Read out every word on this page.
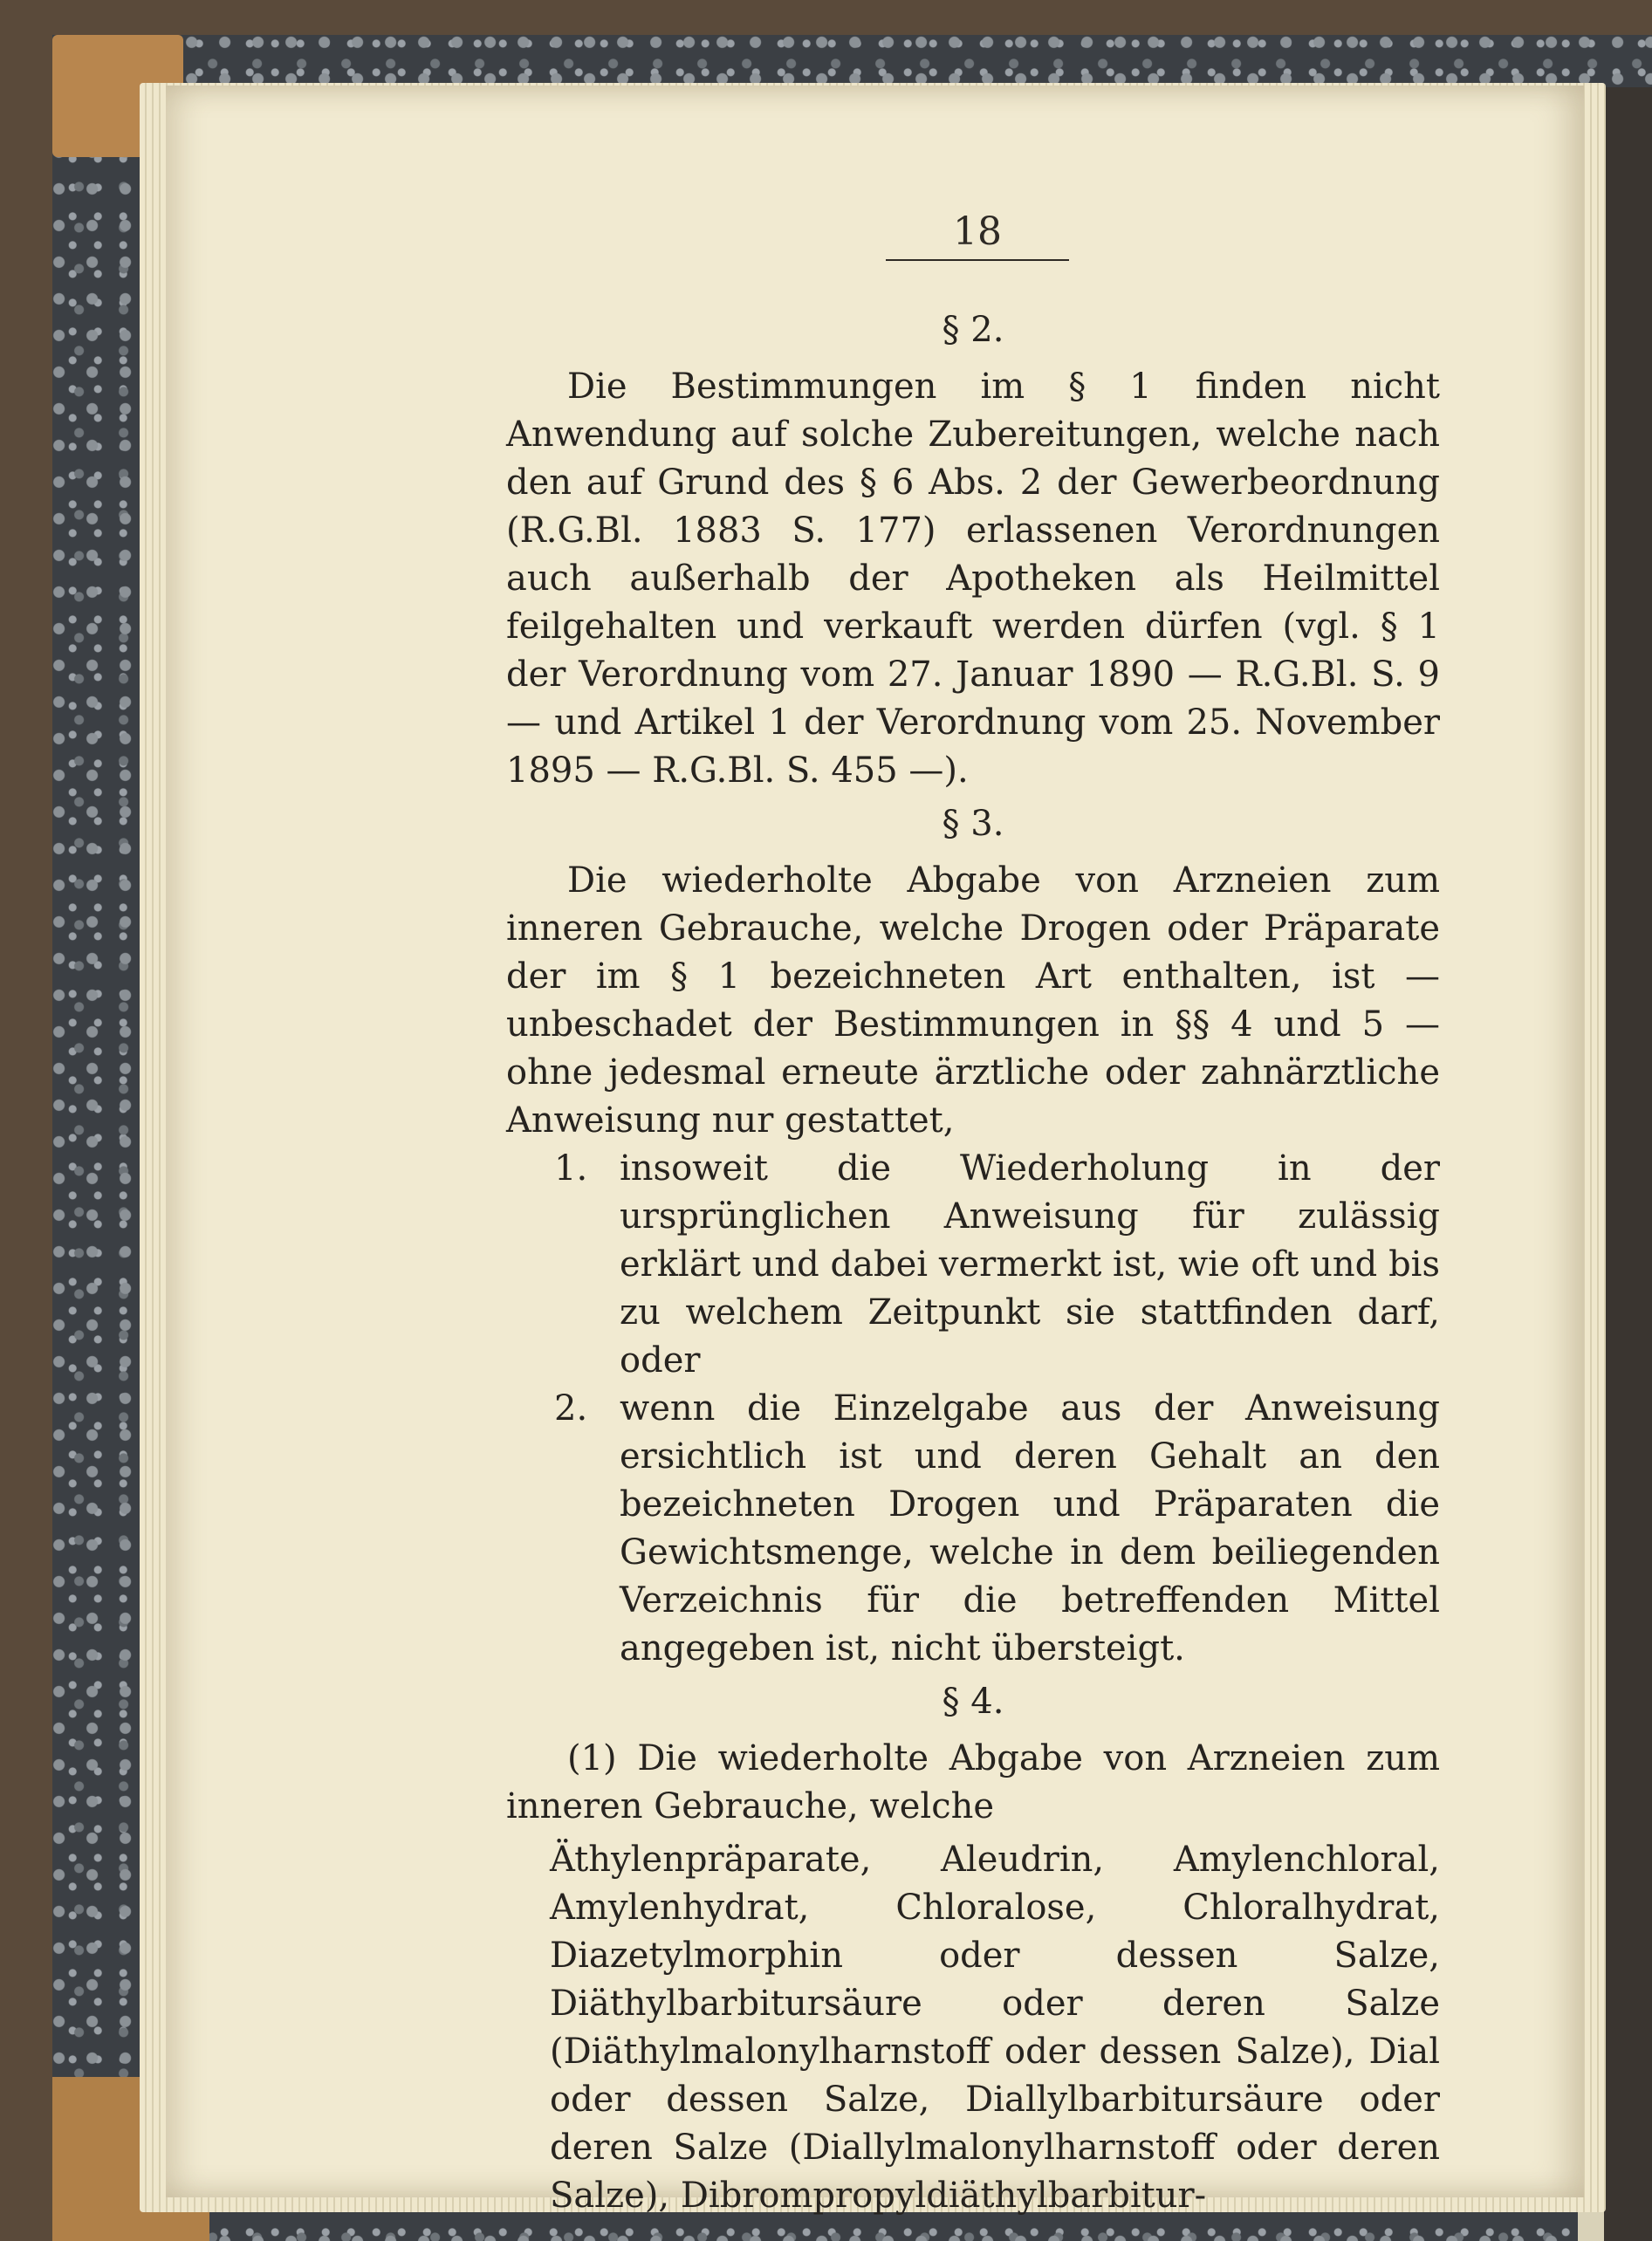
18
§ 2.

Die Bestimmungen im § 1 finden nicht Anwendung auf solche Zubereitungen, welche nach den auf Grund des § 6 Abs. 2 der Gewerbeordnung (R.G.Bl. 1883 S. 177) erlassenen Verordnungen auch außerhalb der Apotheken als Heilmittel feilgehalten und verkauft werden dürfen (vgl. § 1 der Verordnung vom 27. Januar 1890 — R.G.Bl. S. 9 — und Artikel 1 der Verordnung vom 25. November 1895 — R.G.Bl. S. 455 —).

§ 3.

Die wiederholte Abgabe von Arzneien zum inneren Gebrauche, welche Drogen oder Präparate der im § 1 bezeichneten Art enthalten, ist — unbeschadet der Bestimmungen in §§ 4 und 5 — ohne jedesmal erneute ärztliche oder zahnärztliche Anweisung nur gestattet,

1. insoweit die Wiederholung in der ursprünglichen Anweisung für zulässig erklärt und dabei vermerkt ist, wie oft und bis zu welchem Zeitpunkt sie stattfinden darf, oder
2. wenn die Einzelgabe aus der Anweisung ersichtlich ist und deren Gehalt an den bezeichneten Drogen und Präparaten die Gewichtsmenge, welche in dem beiliegenden Verzeichnis für die betreffenden Mittel angegeben ist, nicht übersteigt.
§ 4.

(1) Die wiederholte Abgabe von Arzneien zum inneren Gebrauche, welche

Äthylenpräparate, Aleudrin, Amylenchloral, Amylenhydrat, Chloralose, Chloralhydrat, Diazetylmorphin oder dessen Salze, Diäthylbarbitursäure oder deren Salze (Diäthylmalonylharnstoff oder dessen Salze), Dial oder dessen Salze, Diallylbarbitursäure oder deren Salze (Diallylmalonylharnstoff oder deren Salze), Dibrompropyldiäthylbarbitur-
